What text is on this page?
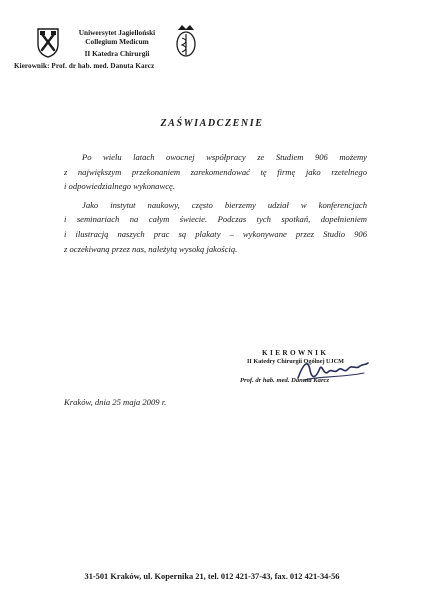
Uniwersytet Jagielloński
Collegium Medicum
II Katedra Chirurgii
Kierownik: Prof. dr hab. med. Danuta Karcz
ZAŚWIADCZENIE

Po wielu latach owocnej współpracy ze Studiem 906 możemy
z największym przekonaniem zarekomendować tę firmę jako rzetelnego
i odpowiedzialnego wykonawcę.

Jako instytut naukowy, często bierzemy udział w konferencjach
i seminariach na całym świecie. Podczas tych spotkań, dopełnieniem
i ilustracją naszych prac są plakaty – wykonywane przez Studio 906
z oczekiwaną przez nas, należytą wysoką jakością.

KIEROWNIK
II Katedry Chirurgii Ogólnej UJCM
Prof. dr hab. med. Danuta Karcz
Kraków, dnia 25 maja 2009 r.
31-501 Kraków, ul. Kopernika 21, tel. 012 421-37-43, fax. 012 421-34-56
